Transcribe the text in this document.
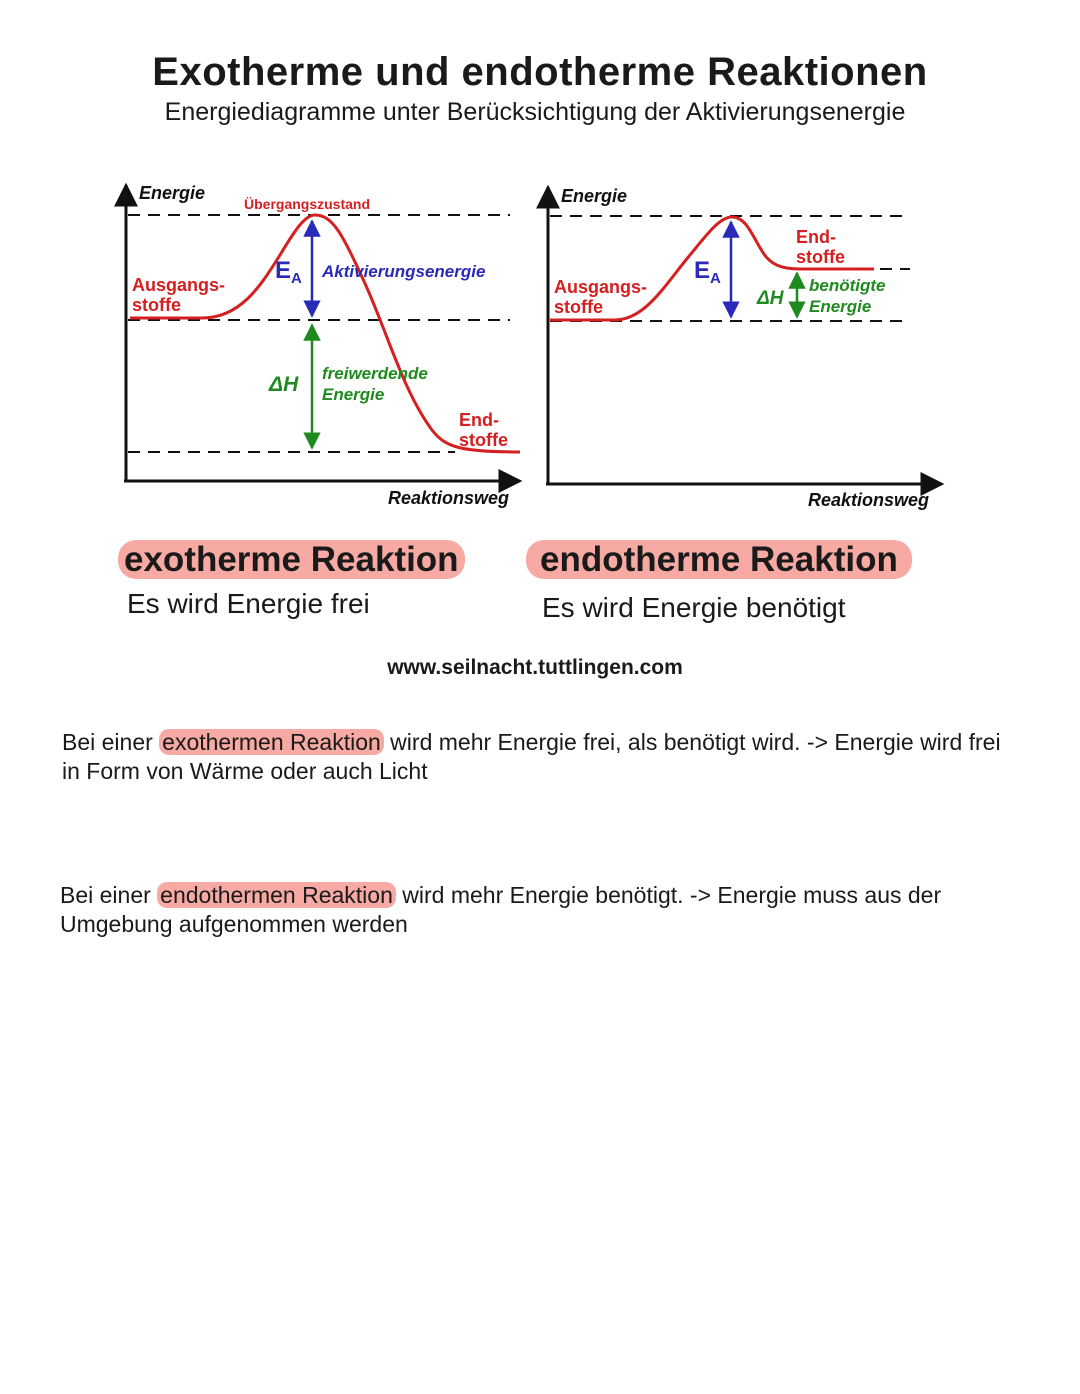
Exotherme und endotherme Reaktionen
Energiediagramme unter Berücksichtigung der Aktivierungsenergie
Energie
Übergangszustand
$E_A$ Aktivierungsenergie
Ausgangs-
stoffe
ΔH freiwerdende
Energie
End-
stoffe
Reaktionsweg
Energie
$E_A$
Ausgangs-
stoffe
End-
stoffe
ΔH
benötigte
Energie
Reaktionsweg
exotherme Reaktion
Es wird Energie frei
endotherme Reaktion
Es wird Energie benötigt
www.seilnacht.tuttlingen.com
Bei einer exothermen Reaktion wird mehr Energie frei, als benötigt wird. -> Energie wird frei in Form von Wärme oder auch Licht
Bei einer endothermen Reaktion wird mehr Energie benötigt. -> Energie muss aus der Umgebung aufgenommen werden
